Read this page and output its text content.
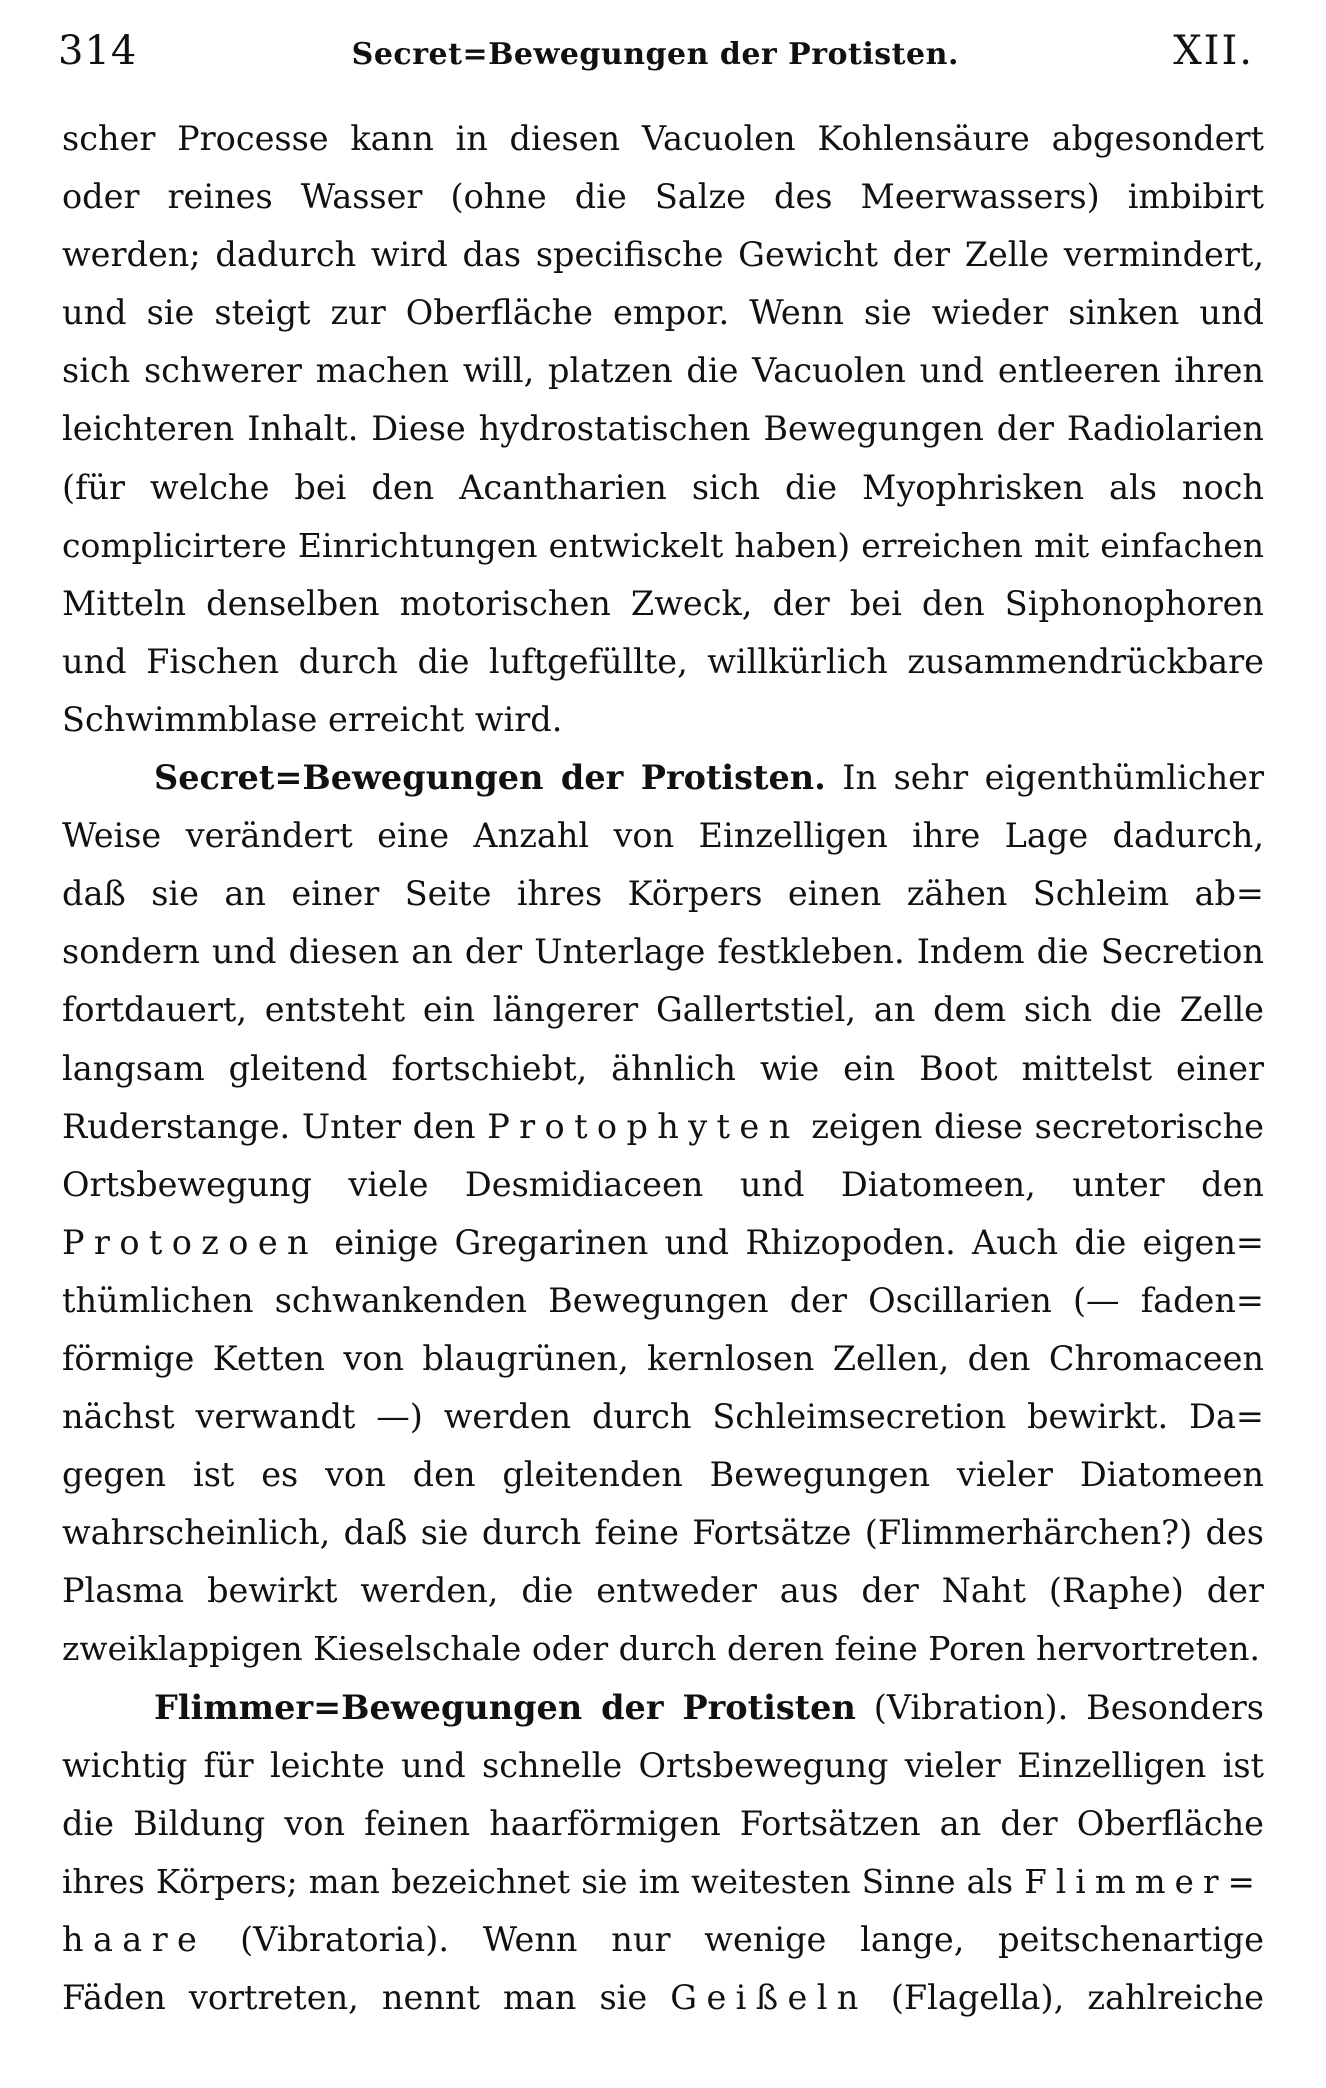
314	Secret=Bewegungen der Protisten.	XII.
scher Processe kann in diesen Vacuolen Kohlensäure abgesondert
oder reines Wasser (ohne die Salze des Meerwassers) imbibirt
werden; dadurch wird das specifische Gewicht der Zelle vermindert,
und sie steigt zur Oberfläche empor. Wenn sie wieder sinken und
sich schwerer machen will, platzen die Vacuolen und entleeren ihren
leichteren Inhalt. Diese hydrostatischen Bewegungen der Radiolarien
(für welche bei den Acantharien sich die Myophrisken als noch
complicirtere Einrichtungen entwickelt haben) erreichen mit einfachen
Mitteln denselben motorischen Zweck, der bei den Siphonophoren
und Fischen durch die luftgefüllte, willkürlich zusammendrückbare
Schwimmblase erreicht wird.
Secret=Bewegungen der Protisten. In sehr eigenthümlicher
Weise verändert eine Anzahl von Einzelligen ihre Lage dadurch,
daß sie an einer Seite ihres Körpers einen zähen Schleim ab=
sondern und diesen an der Unterlage festkleben. Indem die Secretion
fortdauert, entsteht ein längerer Gallertstiel, an dem sich die Zelle
langsam gleitend fortschiebt, ähnlich wie ein Boot mittelst einer
Ruderstange. Unter den Protophyten zeigen diese secretorische
Ortsbewegung viele Desmidiaceen und Diatomeen, unter den
Protozoen einige Gregarinen und Rhizopoden. Auch die eigen=
thümlichen schwankenden Bewegungen der Oscillarien (— faden=
förmige Ketten von blaugrünen, kernlosen Zellen, den Chromaceen
nächst verwandt —) werden durch Schleimsecretion bewirkt. Da=
gegen ist es von den gleitenden Bewegungen vieler Diatomeen
wahrscheinlich, daß sie durch feine Fortsätze (Flimmerhärchen?) des
Plasma bewirkt werden, die entweder aus der Naht (Raphe) der
zweiklappigen Kieselschale oder durch deren feine Poren hervortreten.
Flimmer=Bewegungen der Protisten (Vibration). Besonders
wichtig für leichte und schnelle Ortsbewegung vieler Einzelligen ist
die Bildung von feinen haarförmigen Fortsätzen an der Oberfläche
ihres Körpers; man bezeichnet sie im weitesten Sinne als Flimmer=
haare (Vibratoria). Wenn nur wenige lange, peitschenartige
Fäden vortreten, nennt man sie Geißeln (Flagella), zahlreiche
